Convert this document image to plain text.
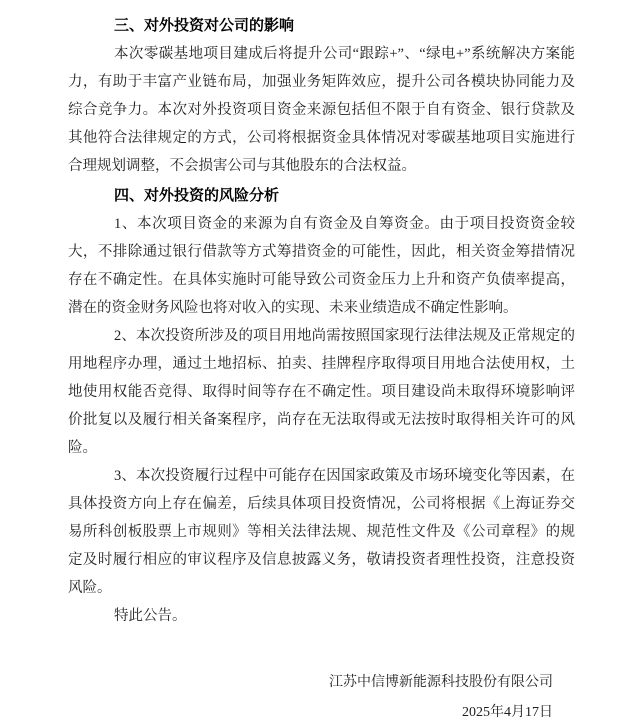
三、对外投资对公司的影响

本次零碳基地项目建成后将提升公司“跟踪+”、“绿电+”系统解决方案能力，有助于丰富产业链布局，加强业务矩阵效应，提升公司各模块协同能力及综合竞争力。本次对外投资项目资金来源包括但不限于自有资金、银行贷款及其他符合法律规定的方式，公司将根据资金具体情况对零碳基地项目实施进行合理规划调整，不会损害公司与其他股东的合法权益。

四、对外投资的风险分析

1、本次项目资金的来源为自有资金及自筹资金。由于项目投资资金较大，不排除通过银行借款等方式筹措资金的可能性，因此，相关资金筹措情况存在不确定性。在具体实施时可能导致公司资金压力上升和资产负债率提高，潜在的资金财务风险也将对收入的实现、未来业绩造成不确定性影响。

2、本次投资所涉及的项目用地尚需按照国家现行法律法规及正常规定的用地程序办理，通过土地招标、拍卖、挂牌程序取得项目用地合法使用权，土地使用权能否竞得、取得时间等存在不确定性。项目建设尚未取得环境影响评价批复以及履行相关备案程序，尚存在无法取得或无法按时取得相关许可的风险。

3、本次投资履行过程中可能存在因国家政策及市场环境变化等因素，在具体投资方向上存在偏差，后续具体项目投资情况，公司将根据《上海证券交易所科创板股票上市规则》等相关法律法规、规范性文件及《公司章程》的规定及时履行相应的审议程序及信息披露义务，敬请投资者理性投资，注意投资风险。

特此公告。

江苏中信博新能源科技股份有限公司
2025年4月17日
